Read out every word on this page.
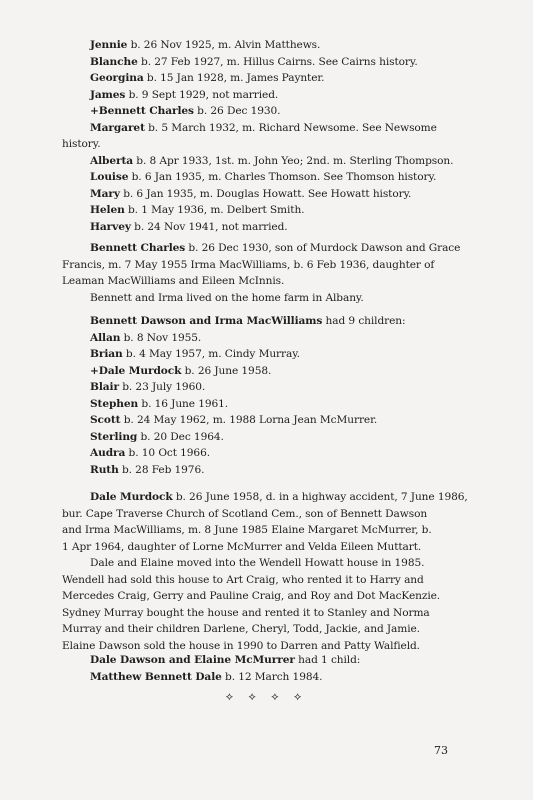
Jennie b. 26 Nov 1925, m. Alvin Matthews.
Blanche b. 27 Feb 1927, m. Hillus Cairns. See Cairns history.
Georgina b. 15 Jan 1928, m. James Paynter.
James b. 9 Sept 1929, not married.
+Bennett Charles b. 26 Dec 1930.
Margaret b. 5 March 1932, m. Richard Newsome. See Newsome
history.
Alberta b. 8 Apr 1933, 1st. m. John Yeo; 2nd. m. Sterling Thompson.
Louise b. 6 Jan 1935, m. Charles Thomson. See Thomson history.
Mary b. 6 Jan 1935, m. Douglas Howatt. See Howatt history.
Helen b. 1 May 1936, m. Delbert Smith.
Harvey b. 24 Nov 1941, not married.
Bennett Charles b. 26 Dec 1930, son of Murdock Dawson and Grace
Francis, m. 7 May 1955 Irma MacWilliams, b. 6 Feb 1936, daughter of
Leaman MacWilliams and Eileen McInnis.
Bennett and Irma lived on the home farm in Albany.
Bennett Dawson and Irma MacWilliams had 9 children:
Allan b. 8 Nov 1955.
Brian b. 4 May 1957, m. Cindy Murray.
+Dale Murdock b. 26 June 1958.
Blair b. 23 July 1960.
Stephen b. 16 June 1961.
Scott b. 24 May 1962, m. 1988 Lorna Jean McMurrer.
Sterling b. 20 Dec 1964.
Audra b. 10 Oct 1966.
Ruth b. 28 Feb 1976.
Dale Murdock b. 26 June 1958, d. in a highway accident, 7 June 1986,
bur. Cape Traverse Church of Scotland Cem., son of Bennett Dawson
and Irma MacWilliams, m. 8 June 1985 Elaine Margaret McMurrer, b.
1 Apr 1964, daughter of Lorne McMurrer and Velda Eileen Muttart.
Dale and Elaine moved into the Wendell Howatt house in 1985.
Wendell had sold this house to Art Craig, who rented it to Harry and
Mercedes Craig, Gerry and Pauline Craig, and Roy and Dot MacKenzie.
Sydney Murray bought the house and rented it to Stanley and Norma
Murray and their children Darlene, Cheryl, Todd, Jackie, and Jamie.
Elaine Dawson sold the house in 1990 to Darren and Patty Walfield.
Dale Dawson and Elaine McMurrer had 1 child:
Matthew Bennett Dale b. 12 March 1984.
⟡ ⟡ ⟡ ⟡
73
